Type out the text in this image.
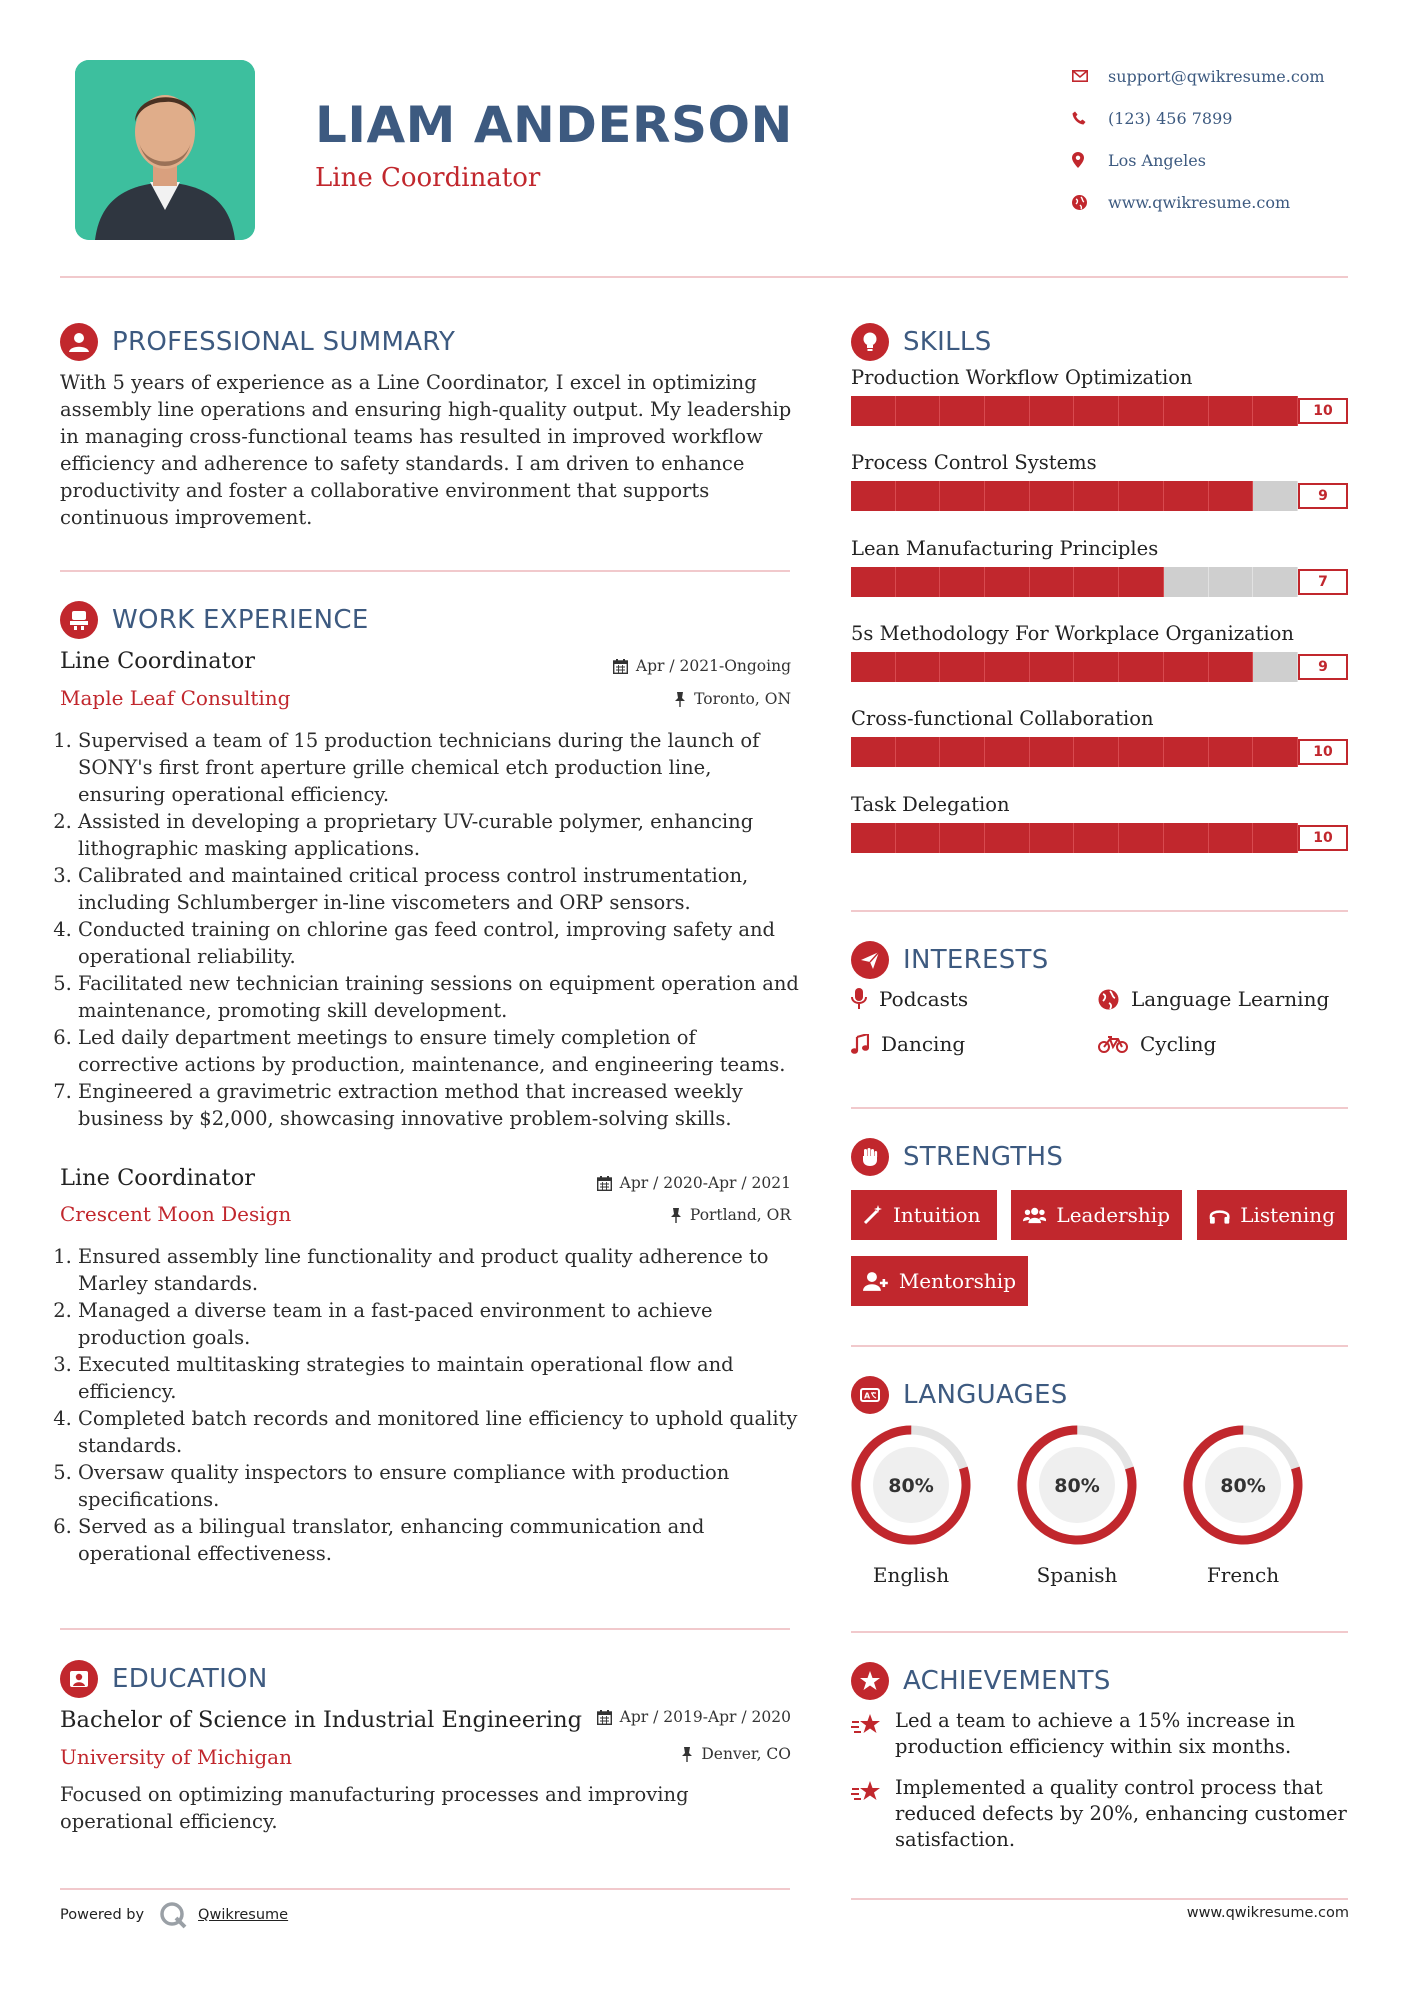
LIAM ANDERSON
Line Coordinator
support@qwikresume.com
(123) 456 7899
Los Angeles
www.qwikresume.com
PROFESSIONAL SUMMARY
With 5 years of experience as a Line Coordinator, I excel in optimizing assembly line operations and ensuring high-quality output. My leadership in managing cross-functional teams has resulted in improved workflow efficiency and adherence to safety standards. I am driven to enhance productivity and foster a collaborative environment that supports continuous improvement.
WORK EXPERIENCE
Line Coordinator
Maple Leaf Consulting
Apr / 2021-Ongoing
Toronto, ON
1. Supervised a team of 15 production technicians during the launch of SONY's first front aperture grille chemical etch production line, ensuring operational efficiency.
2. Assisted in developing a proprietary UV-curable polymer, enhancing lithographic masking applications.
3. Calibrated and maintained critical process control instrumentation, including Schlumberger in-line viscometers and ORP sensors.
4. Conducted training on chlorine gas feed control, improving safety and operational reliability.
5. Facilitated new technician training sessions on equipment operation and maintenance, promoting skill development.
6. Led daily department meetings to ensure timely completion of corrective actions by production, maintenance, and engineering teams.
7. Engineered a gravimetric extraction method that increased weekly business by $2,000, showcasing innovative problem-solving skills.
Line Coordinator
Crescent Moon Design
Apr / 2020-Apr / 2021
Portland, OR
1. Ensured assembly line functionality and product quality adherence to Marley standards.
2. Managed a diverse team in a fast-paced environment to achieve production goals.
3. Executed multitasking strategies to maintain operational flow and efficiency.
4. Completed batch records and monitored line efficiency to uphold quality standards.
5. Oversaw quality inspectors to ensure compliance with production specifications.
6. Served as a bilingual translator, enhancing communication and operational effectiveness.
EDUCATION
Bachelor of Science in Industrial Engineering
University of Michigan
Apr / 2019-Apr / 2020
Denver, CO
Focused on optimizing manufacturing processes and improving operational efficiency.
SKILLS
Production Workflow Optimization
10
Process Control Systems
9
Lean Manufacturing Principles
7
5s Methodology For Workplace Organization
9
Cross-functional Collaboration
10
Task Delegation
10
INTERESTS
Podcasts	Language Learning
Dancing	Cycling
STRENGTHS
Intuition	Leadership	Listening
Mentorship
A LANGUAGES
80%
English
80%
Spanish
80%
French
ACHIEVEMENTS
Led a team to achieve a 15% increase in production efficiency within six months.
Implemented a quality control process that reduced defects by 20%, enhancing customer satisfaction.
Powered by	Qwikresume	www.qwikresume.com
